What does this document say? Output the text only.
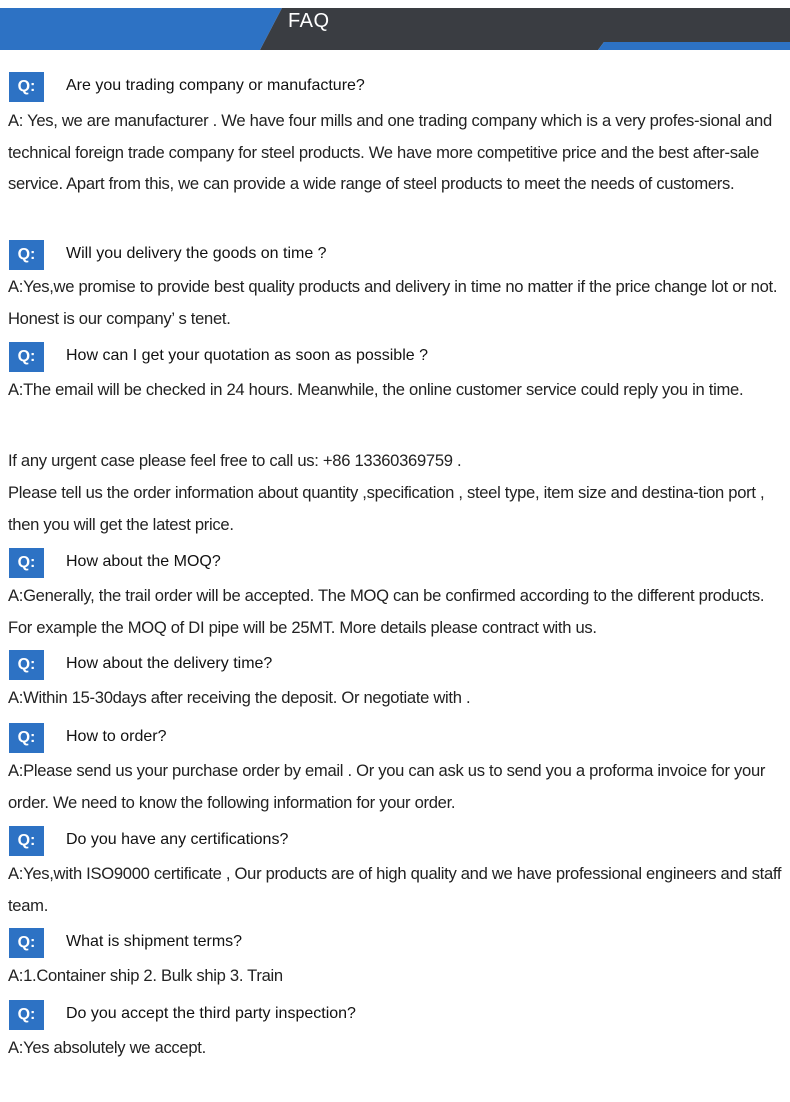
FAQ
Q:	Are you trading company or manufacture?

A: Yes, we are manufacturer . We have four mills and one trading company which is a very profes-sional and technical foreign trade company for steel products. We have more competitive price and the best after-sale service. Apart from this, we can provide a wide range of steel products to meet the needs of customers.

Q:	Will you delivery the goods on time ?

A:Yes,we promise to provide best quality products and delivery in time no matter if the price change lot or not. Honest is our company’ s tenet.

Q:	How can I get your quotation as soon as possible ?

A:The email will be checked in 24 hours. Meanwhile, the online customer service could reply you in time.

If any urgent case please feel free to call us: +86 13360369759 .

Please tell us the order information about quantity ,specification , steel type, item size and destina-tion port , then you will get the latest price.

Q:	How about the MOQ?

A:Generally, the trail order will be accepted. The MOQ can be confirmed according to the different products. For example the MOQ of DI pipe will be 25MT. More details please contract with us.

Q:	How about the delivery time?

A:Within 15-30days after receiving the deposit. Or negotiate with .

Q:	How to order?

A:Please send us your purchase order by email . Or you can ask us to send you a proforma invoice for your order. We need to know the following information for your order.

Q:	Do you have any certifications?

A:Yes,with ISO9000 certificate , Our products are of high quality and we have professional engineers and staff team.

Q:	What is shipment terms?

A:1.Container ship 2. Bulk ship 3. Train

Q:	Do you accept the third party inspection?

A:Yes absolutely we accept.
